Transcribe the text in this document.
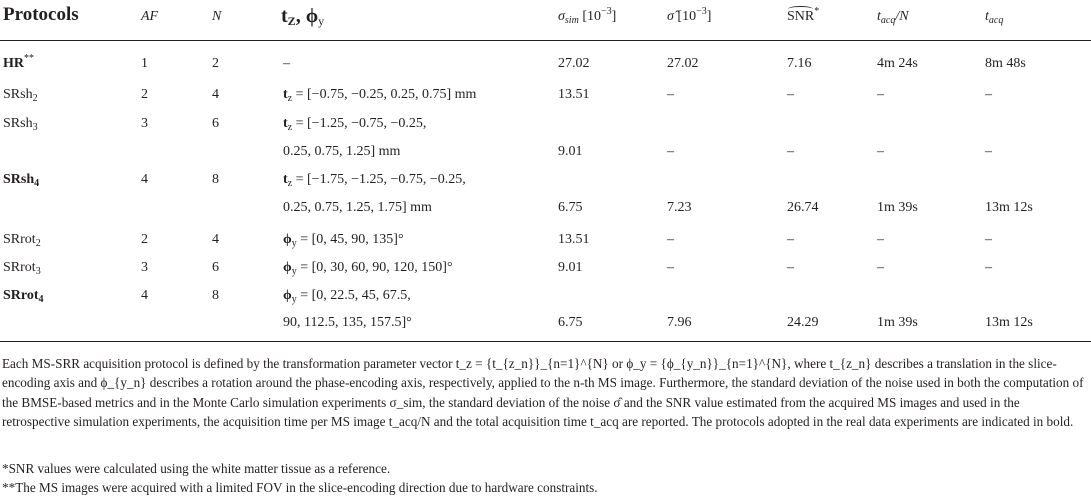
Protocols	AF	N	$t_Z$, $\phi_y$	$\sigma_{sim}$ $[10^{-3}]$	σ̂ $[10^{-3}]$	SNR*	$t_{acq}/N$	$t_{acq}$
HR**	1	2	–	27.02	27.02	7.16	4m 24s	8m 48s
SRsh$_2$	2	4	$t_z = [-0.75$, −0.25, 0.25, 0.75] mm	13.51	–	–	–	–
SRsh$_3$	3	6	$t_z = [-1.25$, −0.75, −0.25,
0.25, 0.75, 1.25] mm	9.01	–	–	–	–
SRsh$_4$	4	8	$t_z = [-1.75$, −1.25, −0.75, −0.25,
0.25, 0.75, 1.25, 1.75] mm	6.75	7.23	26.74	1m 39s	13m 12s
SRrot$_2$	2	4	$\phi_y = [0$, 45, 90, 135]°	13.51	–	–	–	–
SRrot$_3$	3	6	$\phi_y = [0$, 30, 60, 90, 120, 150]°	9.01	–	–	–	–
SRrot$_4$	4	8	$\phi_y = [0$, 22.5, 45, 67.5,
90, 112.5, 135, 157.5]°	6.75	7.96	24.29	1m 39s	13m 12s
Each MS-SRR acquisition protocol is defined by the transformation parameter vector t_z = {t_{z_n}}_{n=1}^{N} or ϕ_y = {ϕ_{y_n}}_{n=1}^{N}, where t_{z_n} describes a translation in the slice-encoding axis and ϕ_{y_n} describes a rotation around the phase-encoding axis, respectively, applied to the n-th MS image. Furthermore, the standard deviation of the noise used in both the computation of the BMSE-based metrics and in the Monte Carlo simulation experiments σ_sim, the standard deviation of the noise σ̂ and the SNR value estimated from the acquired MS images and used in the retrospective simulation experiments, the acquisition time per MS image t_acq/N and the total acquisition time t_acq are reported. The protocols adopted in the real data experiments are indicated in bold.
*SNR values were calculated using the white matter tissue as a reference.
**The MS images were acquired with a limited FOV in the slice-encoding direction due to hardware constraints.
